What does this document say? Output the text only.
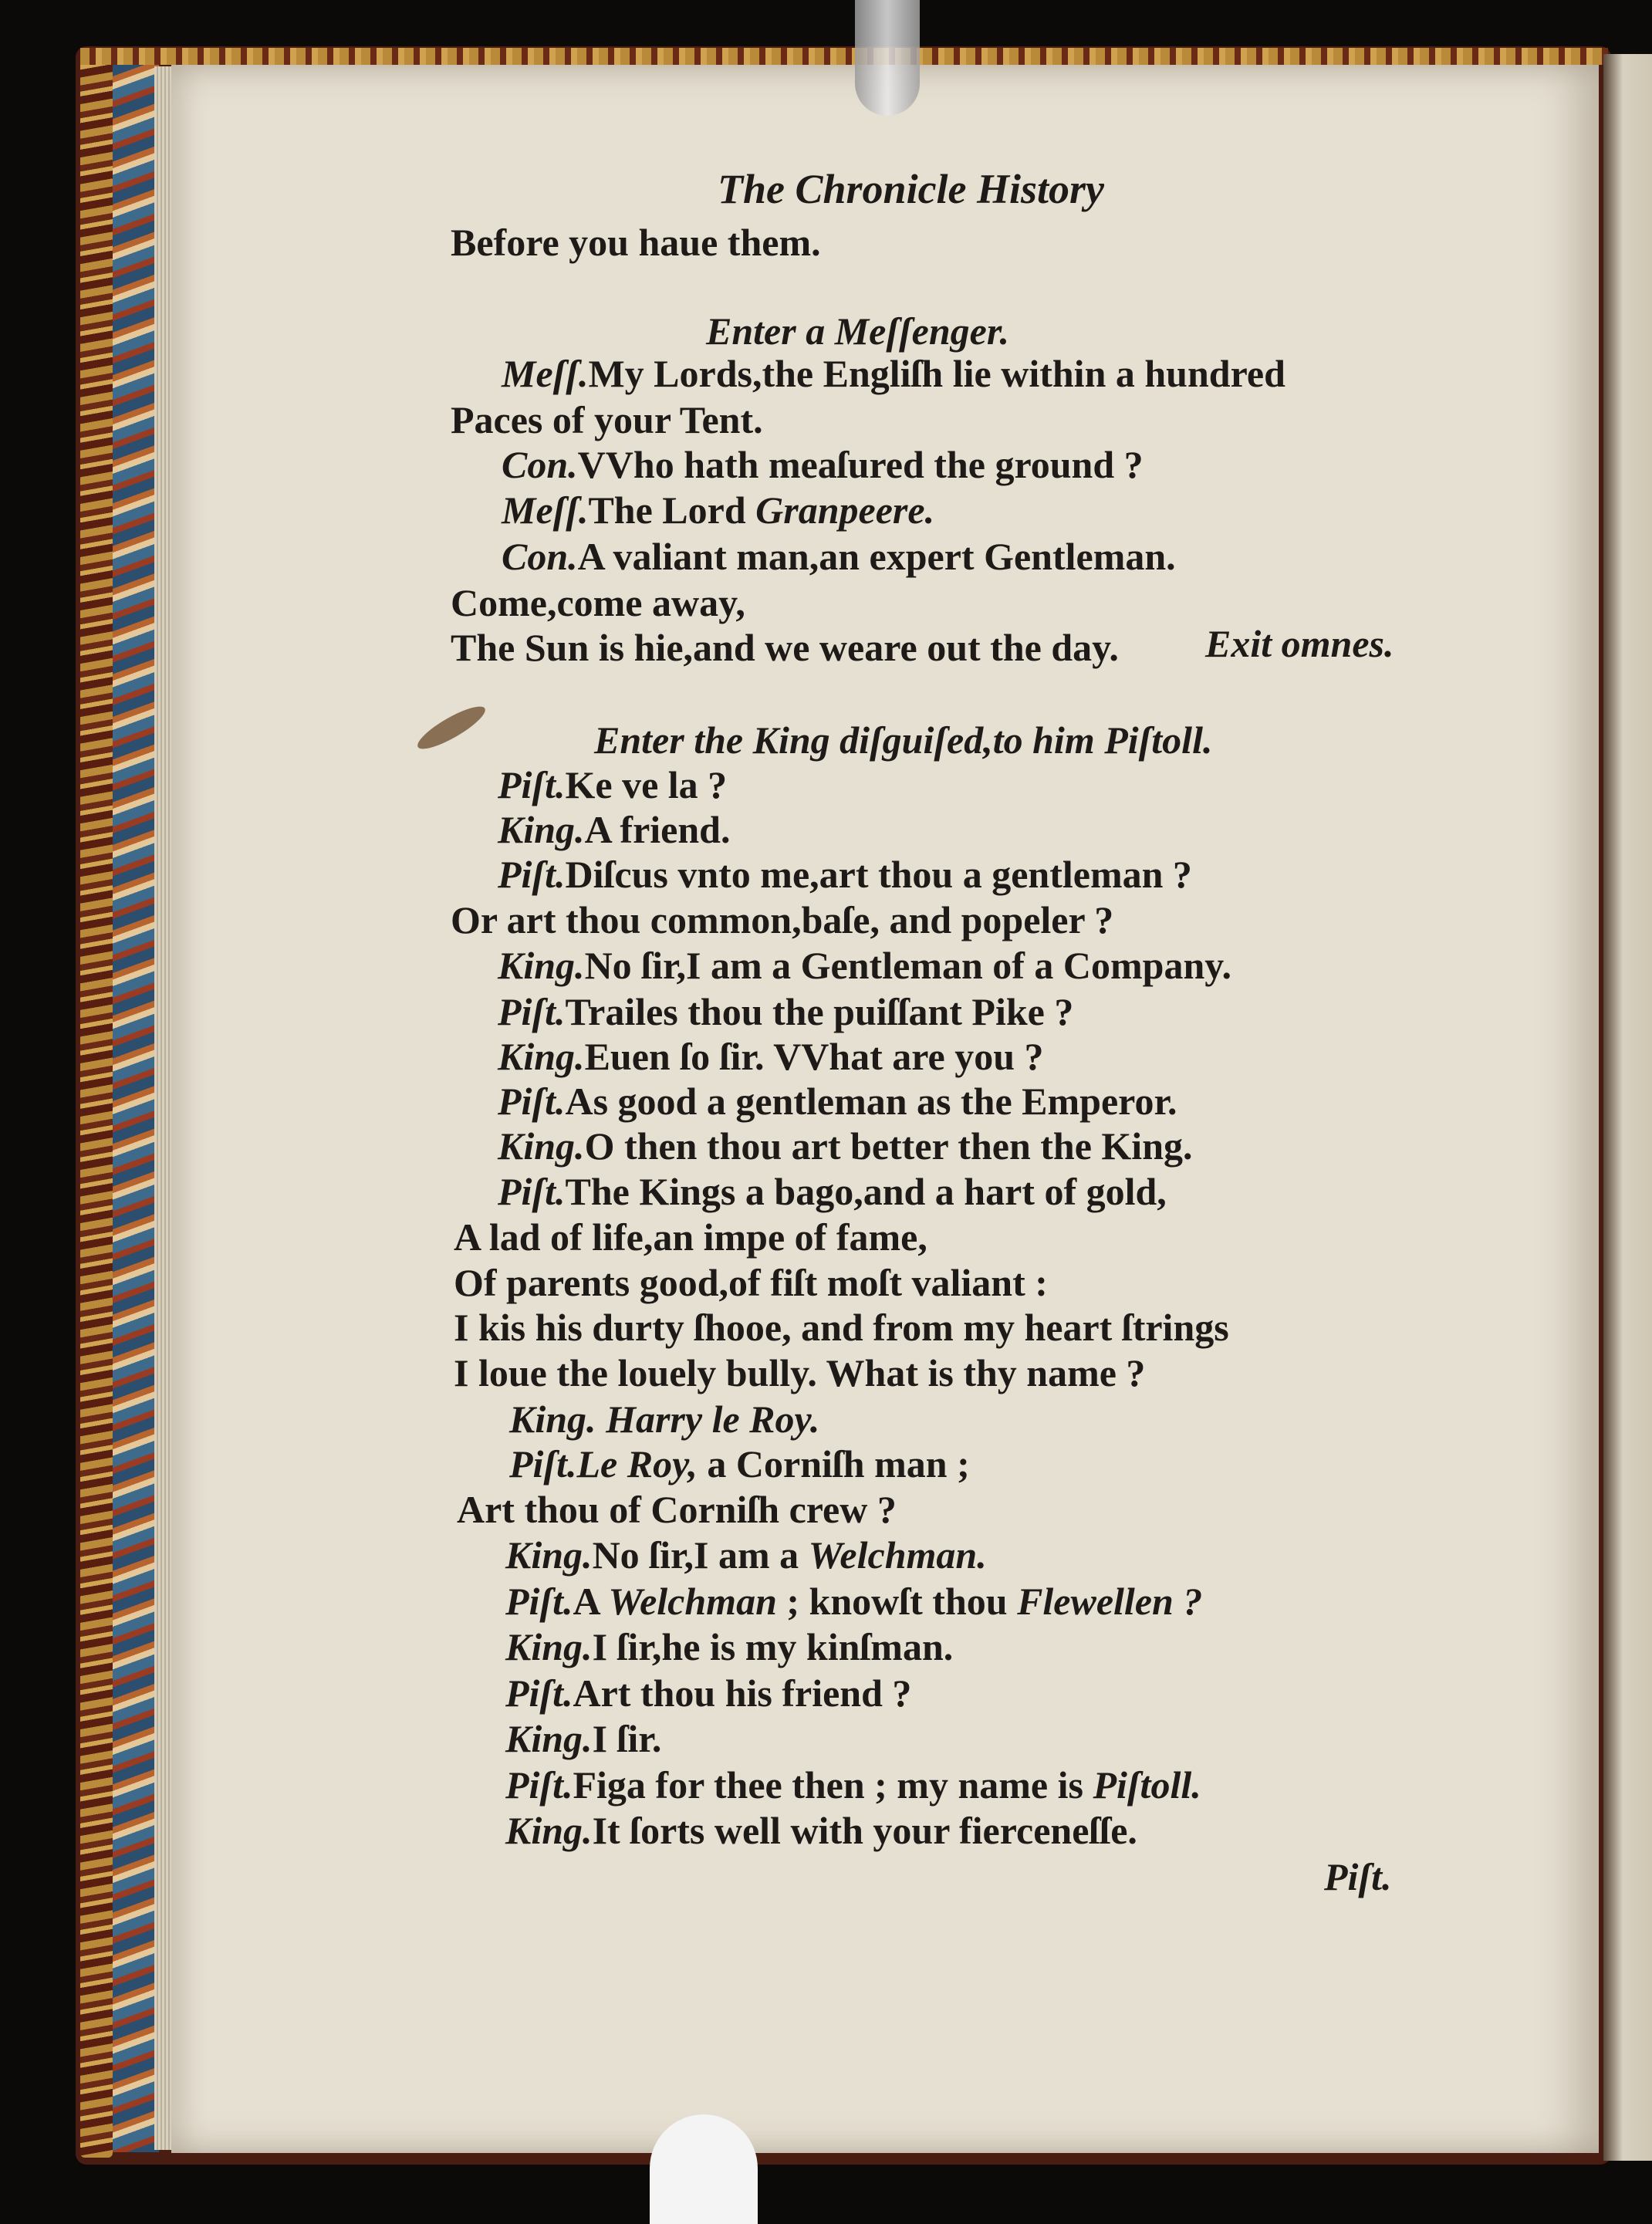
The Chronicle History
Before you haue them.
Enter a Meſſenger.
Meſſ.My Lords,the Engliſh lie within a hundred
Paces of your Tent.
Con.VVho hath meaſured the ground ?
Meſſ.The Lord Granpeere.
Con.A valiant man,an expert Gentleman.
Come,come away,
The Sun is hie,and we weare out the day. Exit omnes.
Enter the King diſguiſed,to him Piſtoll.
Piſt.Ke ve la ?
King.A friend.
Piſt.Diſcus vnto me,art thou a gentleman ?
Or art thou common,baſe, and popeler ?
King.No ſir,I am a Gentleman of a Company.
Piſt.Trailes thou the puiſſant Pike ?
King.Euen ſo ſir. VVhat are you ?
Piſt.As good a gentleman as the Emperor.
King.O then thou art better then the King.
Piſt.The Kings a bago,and a hart of gold,
A lad of life,an impe of fame,
Of parents good,of fiſt moſt valiant :
I kis his durty ſhooe, and from my heart ſtrings
I loue the louely bully. What is thy name ?
King. Harry le Roy.
Piſt.Le Roy, a Corniſh man ;
Art thou of Corniſh crew ?
King.No ſir,I am a Welchman.
Piſt.A Welchman ; knowſt thou Flewellen ?
King.I ſir,he is my kinſman.
Piſt.Art thou his friend ?
King.I ſir.
Piſt.Figa for thee then ; my name is Piſtoll.
King.It ſorts well with your fierceneſſe.
Piſt.
